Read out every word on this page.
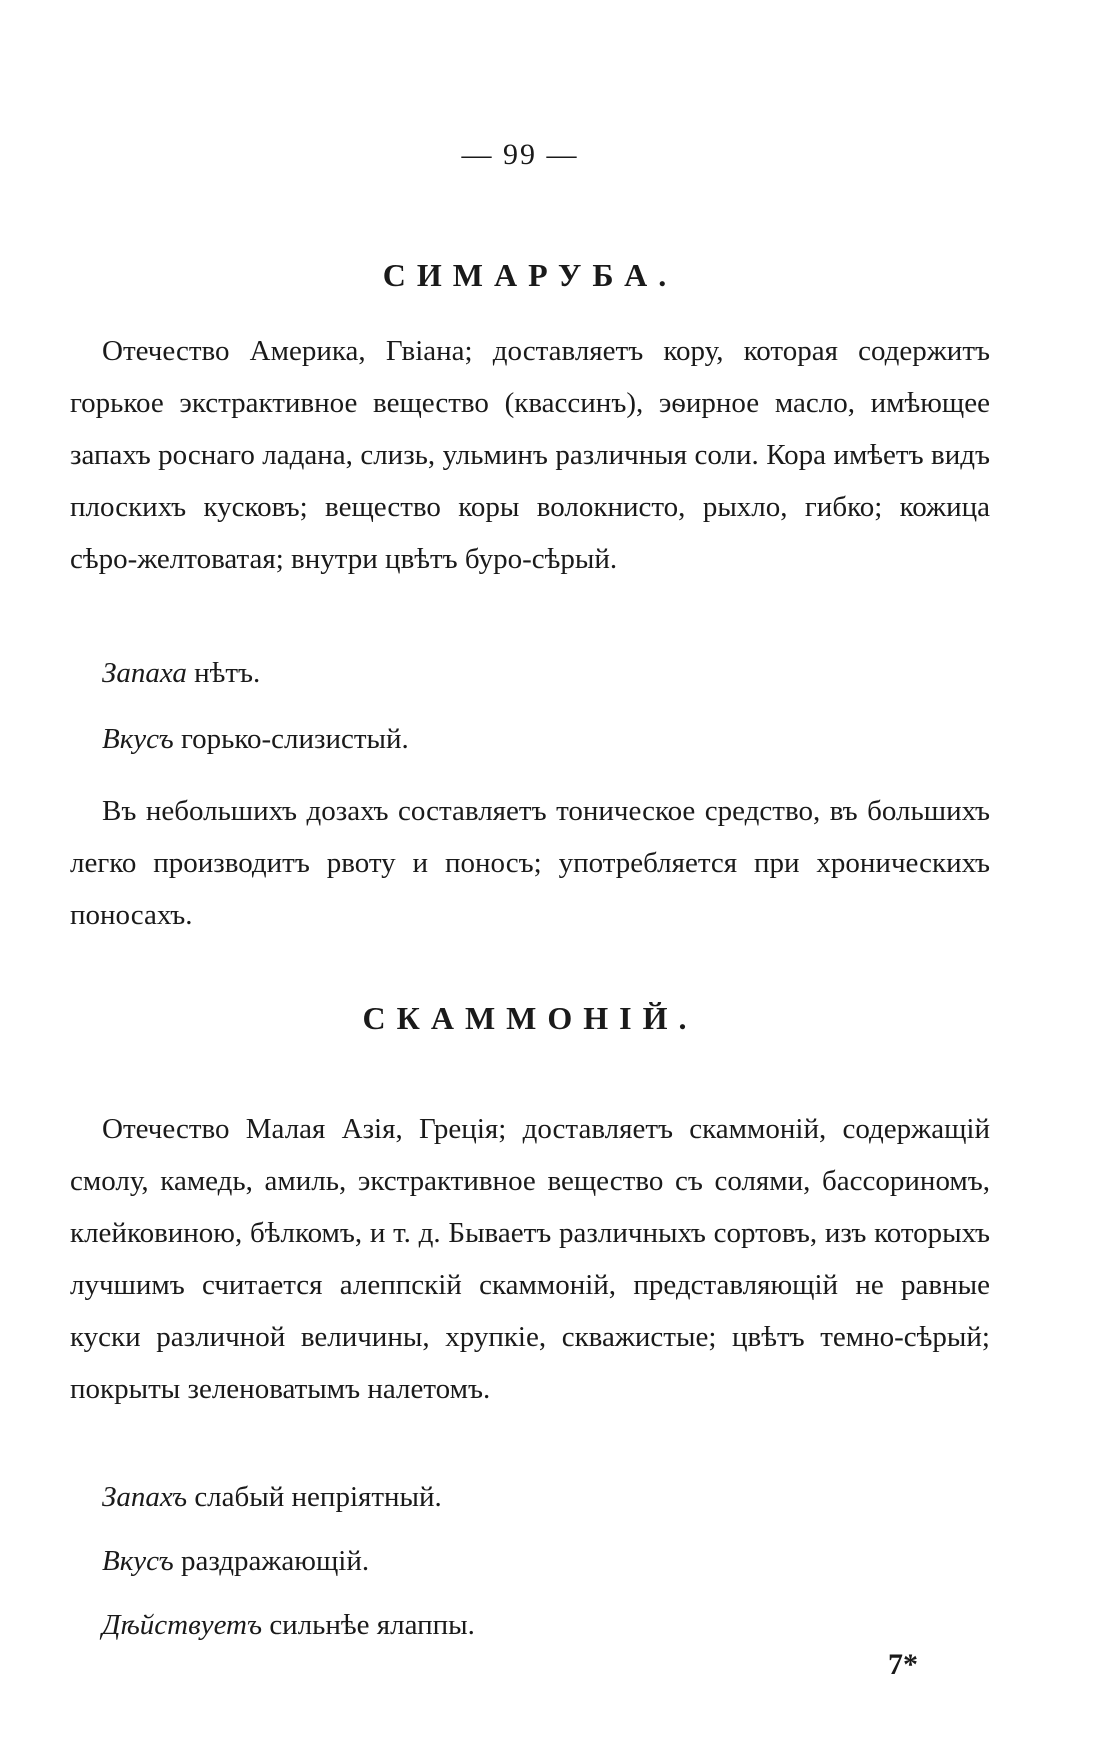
— 99 —
СИМАРУБА.

Отечество Америка, Гвіана; доставляетъ кору, которая содержитъ горькое экстрактивное вещество (квассинъ), эѳирное масло, имѣющее запахъ роснаго ладана, слизь, ульминъ различныя соли. Кора имѣетъ видъ плоскихъ кусковъ; вещество коры волокнисто, рыхло, гибко; кожица сѣро-желтоватая; внутри цвѣтъ буро-сѣрый.

Запаха нѣтъ.

Вкусъ горько-слизистый.

Въ небольшихъ дозахъ составляетъ тоническое средство, въ большихъ легко производитъ рвоту и поносъ; употребляется при хроническихъ поносахъ.

СКАММОНІЙ.

Отечество Малая Азія, Греція; доставляетъ скаммоній, содержащій смолу, камедь, амиль, экстрактивное вещество съ солями, бассориномъ, клейковиною, бѣлкомъ, и т. д. Бываетъ различныхъ сортовъ, изъ которыхъ лучшимъ считается алеппскій скаммоній, представляющій не равные куски различной величины, хрупкіе, скважистые; цвѣтъ темно-сѣрый; покрыты зеленоватымъ налетомъ.

Запахъ слабый непріятный.

Вкусъ раздражающій.

Дѣйствуетъ сильнѣе ялаппы.

7*
